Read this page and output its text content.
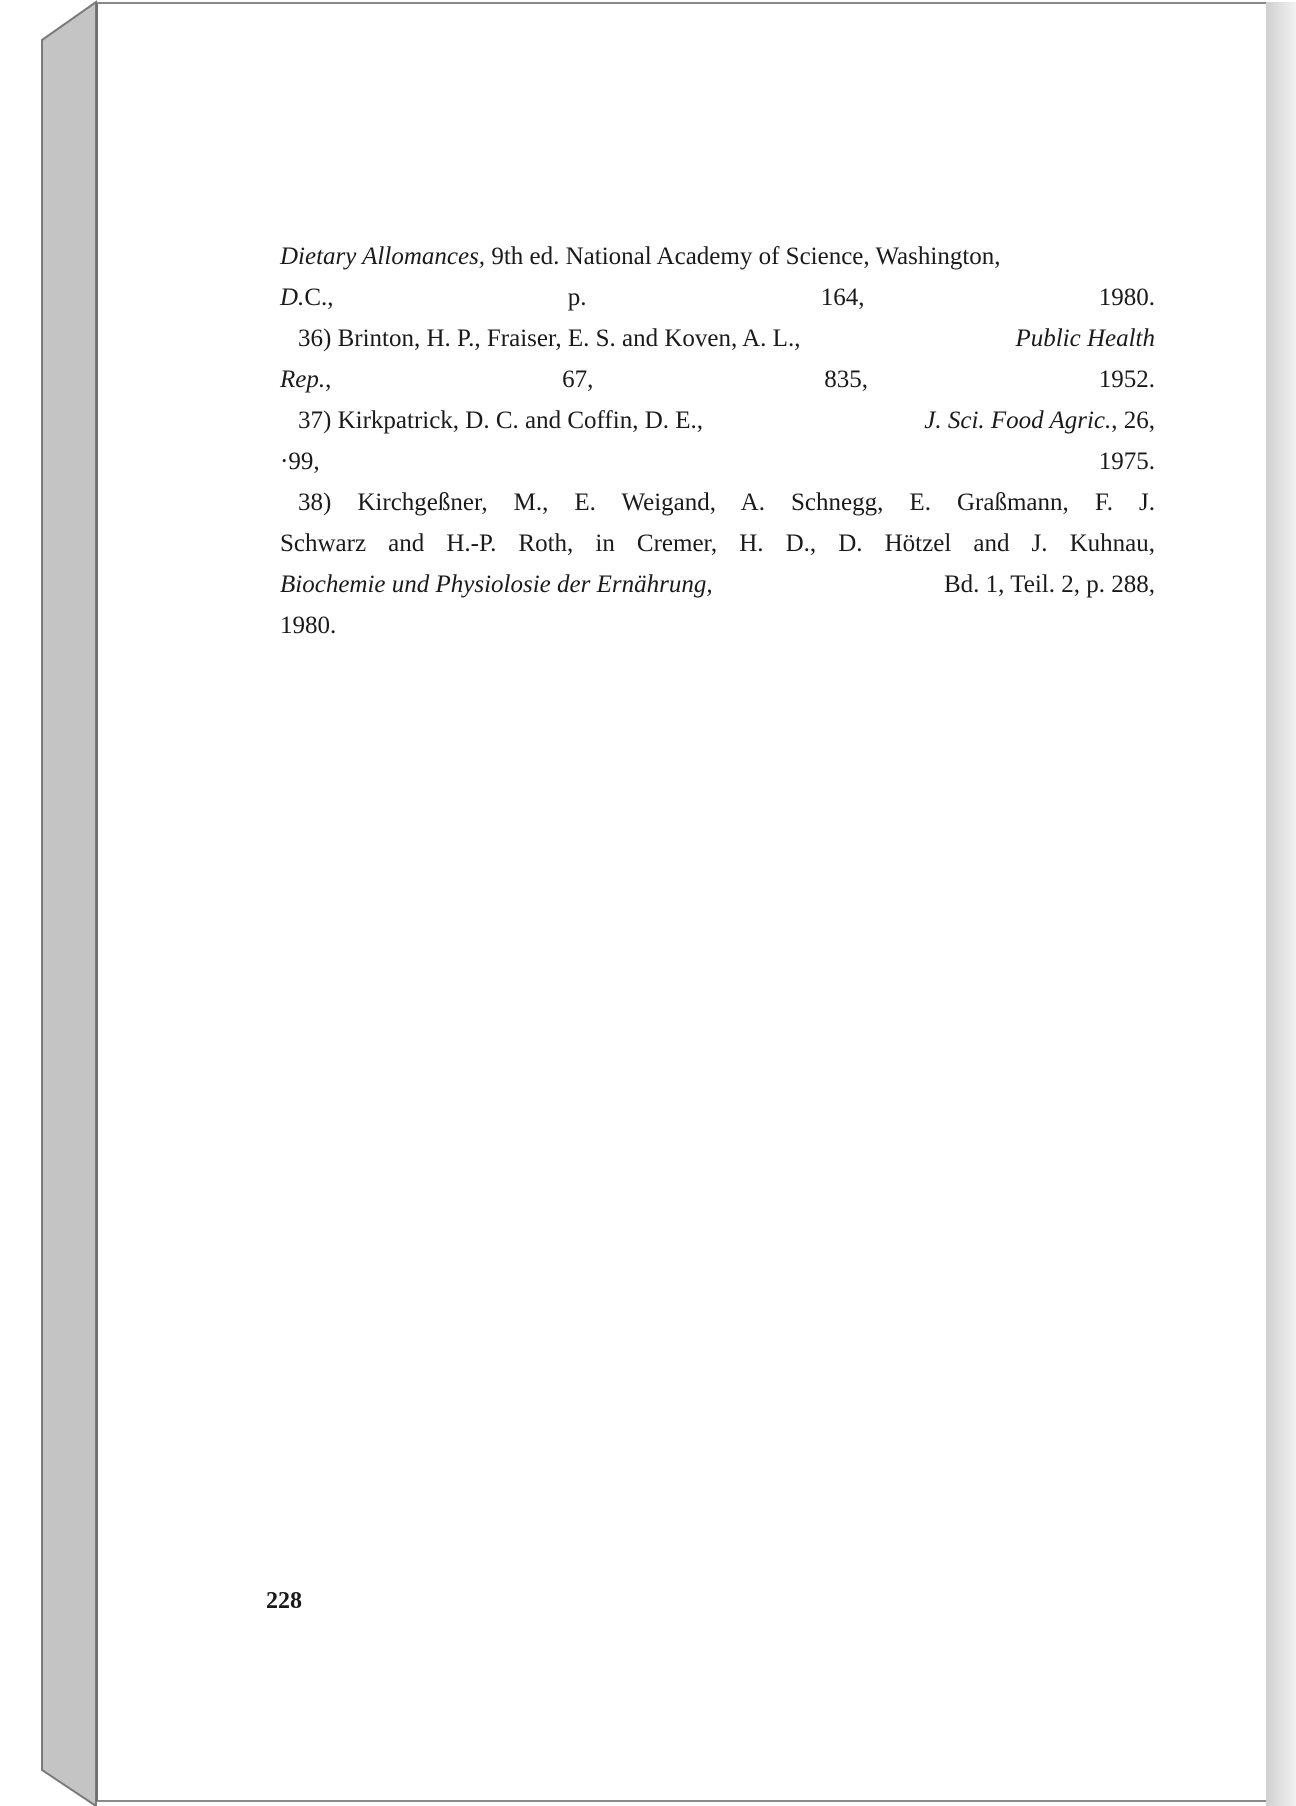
Dietary Allomances, 9th ed. National Academy of Science, Washington,
D.C., p. 164, 1980.
36) Brinton, H. P., Fraiser, E. S. and Koven, A. L.,	Public Health
Rep., 67, 835, 1952.
37) Kirkpatrick, D. C. and Coffin, D. E.,	J. Sci. Food Agric., 26,
·99, 1975.
38) Kirchgeßner, M., E. Weigand, A. Schnegg, E. Graßmann, F. J.
Schwarz and H.-P. Roth, in Cremer, H. D., D. Hötzel and J. Kuhnau,
Biochemie und Physiolosie der Ernährung,	Bd. 1, Teil. 2, p. 288,
1980.
228
